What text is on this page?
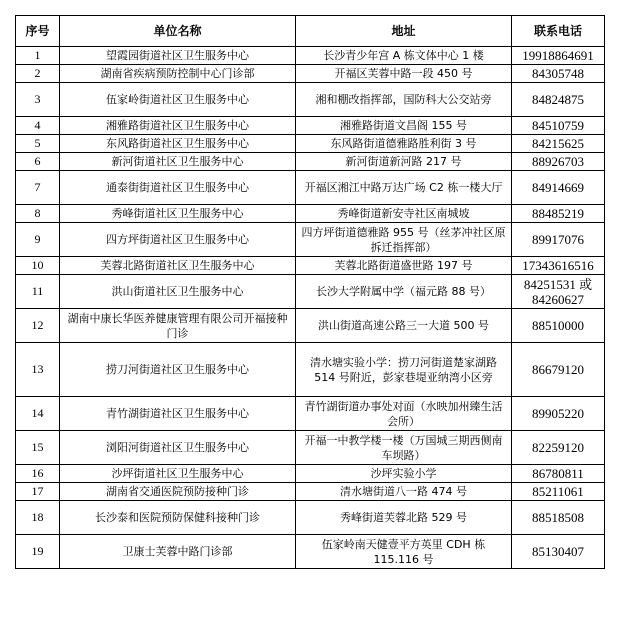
序号	单位名称	地址	联系电话
1	望霞园街道社区卫生服务中心	长沙青少年宫 A 栋文体中心 1 楼	19918864691
2	湖南省疾病预防控制中心门诊部	开福区芙蓉中路一段 450 号	84305748
3	伍家岭街道社区卫生服务中心	湘和棚改指挥部，国防科大公交站旁	84824875
4	湘雅路街道社区卫生服务中心	湘雅路街道文昌阁 155 号	84510759
5	东风路街道社区卫生服务中心	东风路街道德雅路胜利街 3 号	84215625
6	新河街道社区卫生服务中心	新河街道新河路 217 号	88926703
7	通泰街街道社区卫生服务中心	开福区湘江中路万达广场 C2 栋一楼大厅	84914669
8	秀峰街道社区卫生服务中心	秀峰街道新安寺社区南城坡	88485219
9	四方坪街道社区卫生服务中心	四方坪街道德雅路 955 号（丝茅冲社区原拆迁指挥部）	89917076
10	芙蓉北路街道社区卫生服务中心	芙蓉北路街道盛世路 197 号	17343616516
11	洪山街道社区卫生服务中心	长沙大学附属中学（福元路 88 号）	84251531 或 84260627
12	湖南中康长华医养健康管理有限公司开福接种门诊	洪山街道高速公路三一大道 500 号	88510000
13	捞刀河街道社区卫生服务中心	清水塘实验小学：捞刀河街道楚家湖路 514 号附近，彭家巷堤亚纳湾小区旁	86679120
14	青竹湖街道社区卫生服务中心	青竹湖街道办事处对面（水映加州臻生活会所）	89905220
15	浏阳河街道社区卫生服务中心	开福一中教学楼一楼（万国城三期西侧南车坝路）	82259120
16	沙坪街道社区卫生服务中心	沙坪实验小学	86780811
17	湖南省交通医院预防接种门诊	清水塘街道八一路 474 号	85211061
18	长沙泰和医院预防保健科接种门诊	秀峰街道芙蓉北路 529 号	88518508
19	卫康士芙蓉中路门诊部	伍家岭南天健壹平方英里 CDH 栋 115.116 号	85130407
